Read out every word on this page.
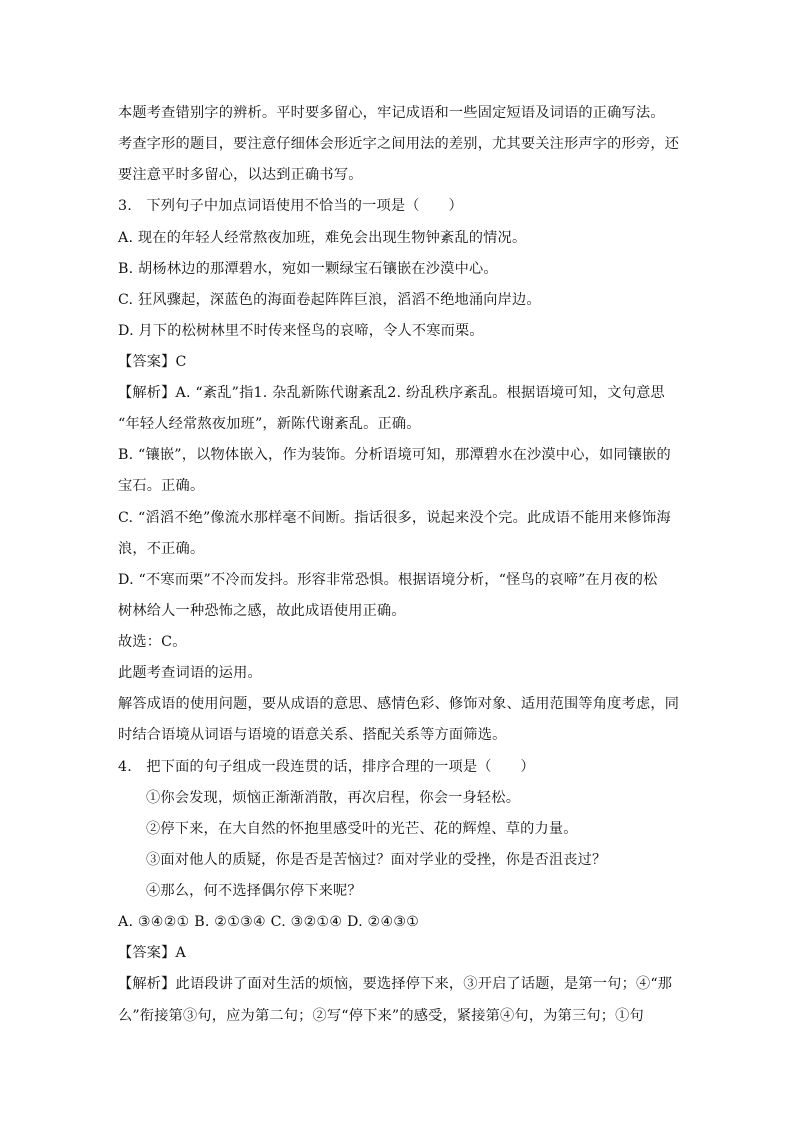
本题考查错别字的辨析。平时要多留心，牢记成语和一些固定短语及词语的正确写法。
考查字形的题目，要注意仔细体会形近字之间用法的差别，尤其要关注形声字的形旁，还
要注意平时多留心，以达到正确书写。
3.　下列句子中加点词语使用不恰当的一项是（　　）
A. 现在的年轻人经常熬夜加班，难免会出现生物钟紊乱的情况。
B. 胡杨林边的那潭碧水，宛如一颗绿宝石镶嵌在沙漠中心。
C. 狂风骤起，深蓝色的海面卷起阵阵巨浪，滔滔不绝地涌向岸边。
D. 月下的松树林里不时传来怪鸟的哀啼，令人不寒而栗。
【答案】C
【解析】A. “紊乱”指1. 杂乱新陈代谢紊乱2. 纷乱秩序紊乱。根据语境可知，文句意思
“年轻人经常熬夜加班”，新陈代谢紊乱。正确。
B. “镶嵌”，以物体嵌入，作为装饰。分析语境可知，那潭碧水在沙漠中心，如同镶嵌的
宝石。正确。
C. “滔滔不绝”像流水那样毫不间断。指话很多，说起来没个完。此成语不能用来修饰海
浪，不正确。
D. “不寒而栗”不冷而发抖。形容非常恐惧。根据语境分析，“怪鸟的哀啼”在月夜的松
树林给人一种恐怖之感，故此成语使用正确。
故选：C。
此题考查词语的运用。
解答成语的使用问题，要从成语的意思、感情色彩、修饰对象、适用范围等角度考虑，同
时结合语境从词语与语境的语意关系、搭配关系等方面筛选。
4.　把下面的句子组成一段连贯的话，排序合理的一项是（　　）
①你会发现，烦恼正渐渐消散，再次启程，你会一身轻松。
②停下来，在大自然的怀抱里感受叶的光芒、花的辉煌、草的力量。
③面对他人的质疑，你是否是苦恼过？面对学业的受挫，你是否沮丧过？
④那么，何不选择偶尔停下来呢？
A. ③④②① B. ②①③④ C. ③②①④ D. ②④③①
【答案】A
【解析】此语段讲了面对生活的烦恼，要选择停下来，③开启了话题，是第一句；④“那
么”衔接第③句，应为第二句；②写“停下来”的感受，紧接第④句，为第三句；①句
